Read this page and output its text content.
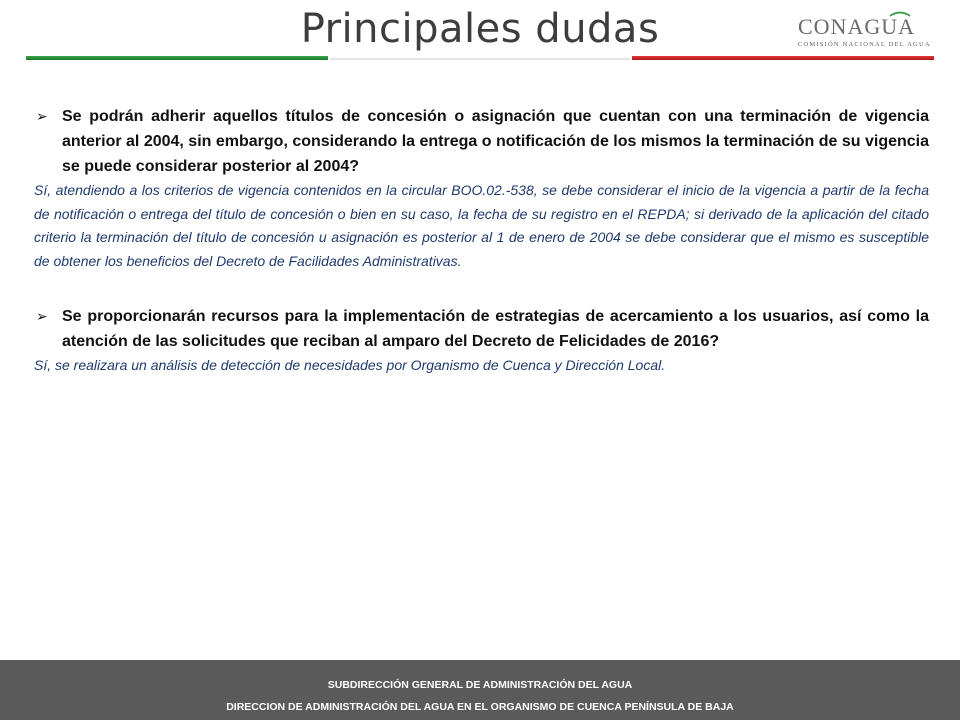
Principales dudas	CONAGUA
COMISIÓN NACIONAL DEL AGUA
➢ Se podrán adherir aquellos títulos de concesión o asignación que cuentan con una terminación de vigencia anterior al 2004, sin embargo, considerando la entrega o notificación de los mismos la terminación de su vigencia se puede considerar posterior al 2004?
Sí, atendiendo a los criterios de vigencia contenidos en la circular BOO.02.-538, se debe considerar el inicio de la vigencia a partir de la fecha de notificación o entrega del título de concesión o bien en su caso, la fecha de su registro en el REPDA; si derivado de la aplicación del citado criterio la terminación del título de concesión u asignación es posterior al 1 de enero de 2004 se debe considerar que el mismo es susceptible de obtener los beneficios del Decreto de Facilidades Administrativas.
➢ Se proporcionarán recursos para la implementación de estrategias de acercamiento a los usuarios, así como la atención de las solicitudes que reciban al amparo del Decreto de Felicidades de 2016?
Sí, se realizara un análisis de detección de necesidades por Organismo de Cuenca y Dirección Local.
SUBDIRECCIÓN GENERAL DE ADMINISTRACIÓN DEL AGUA
DIRECCION DE ADMINISTRACIÓN DEL AGUA EN EL ORGANISMO DE CUENCA PENÍNSULA DE BAJA
